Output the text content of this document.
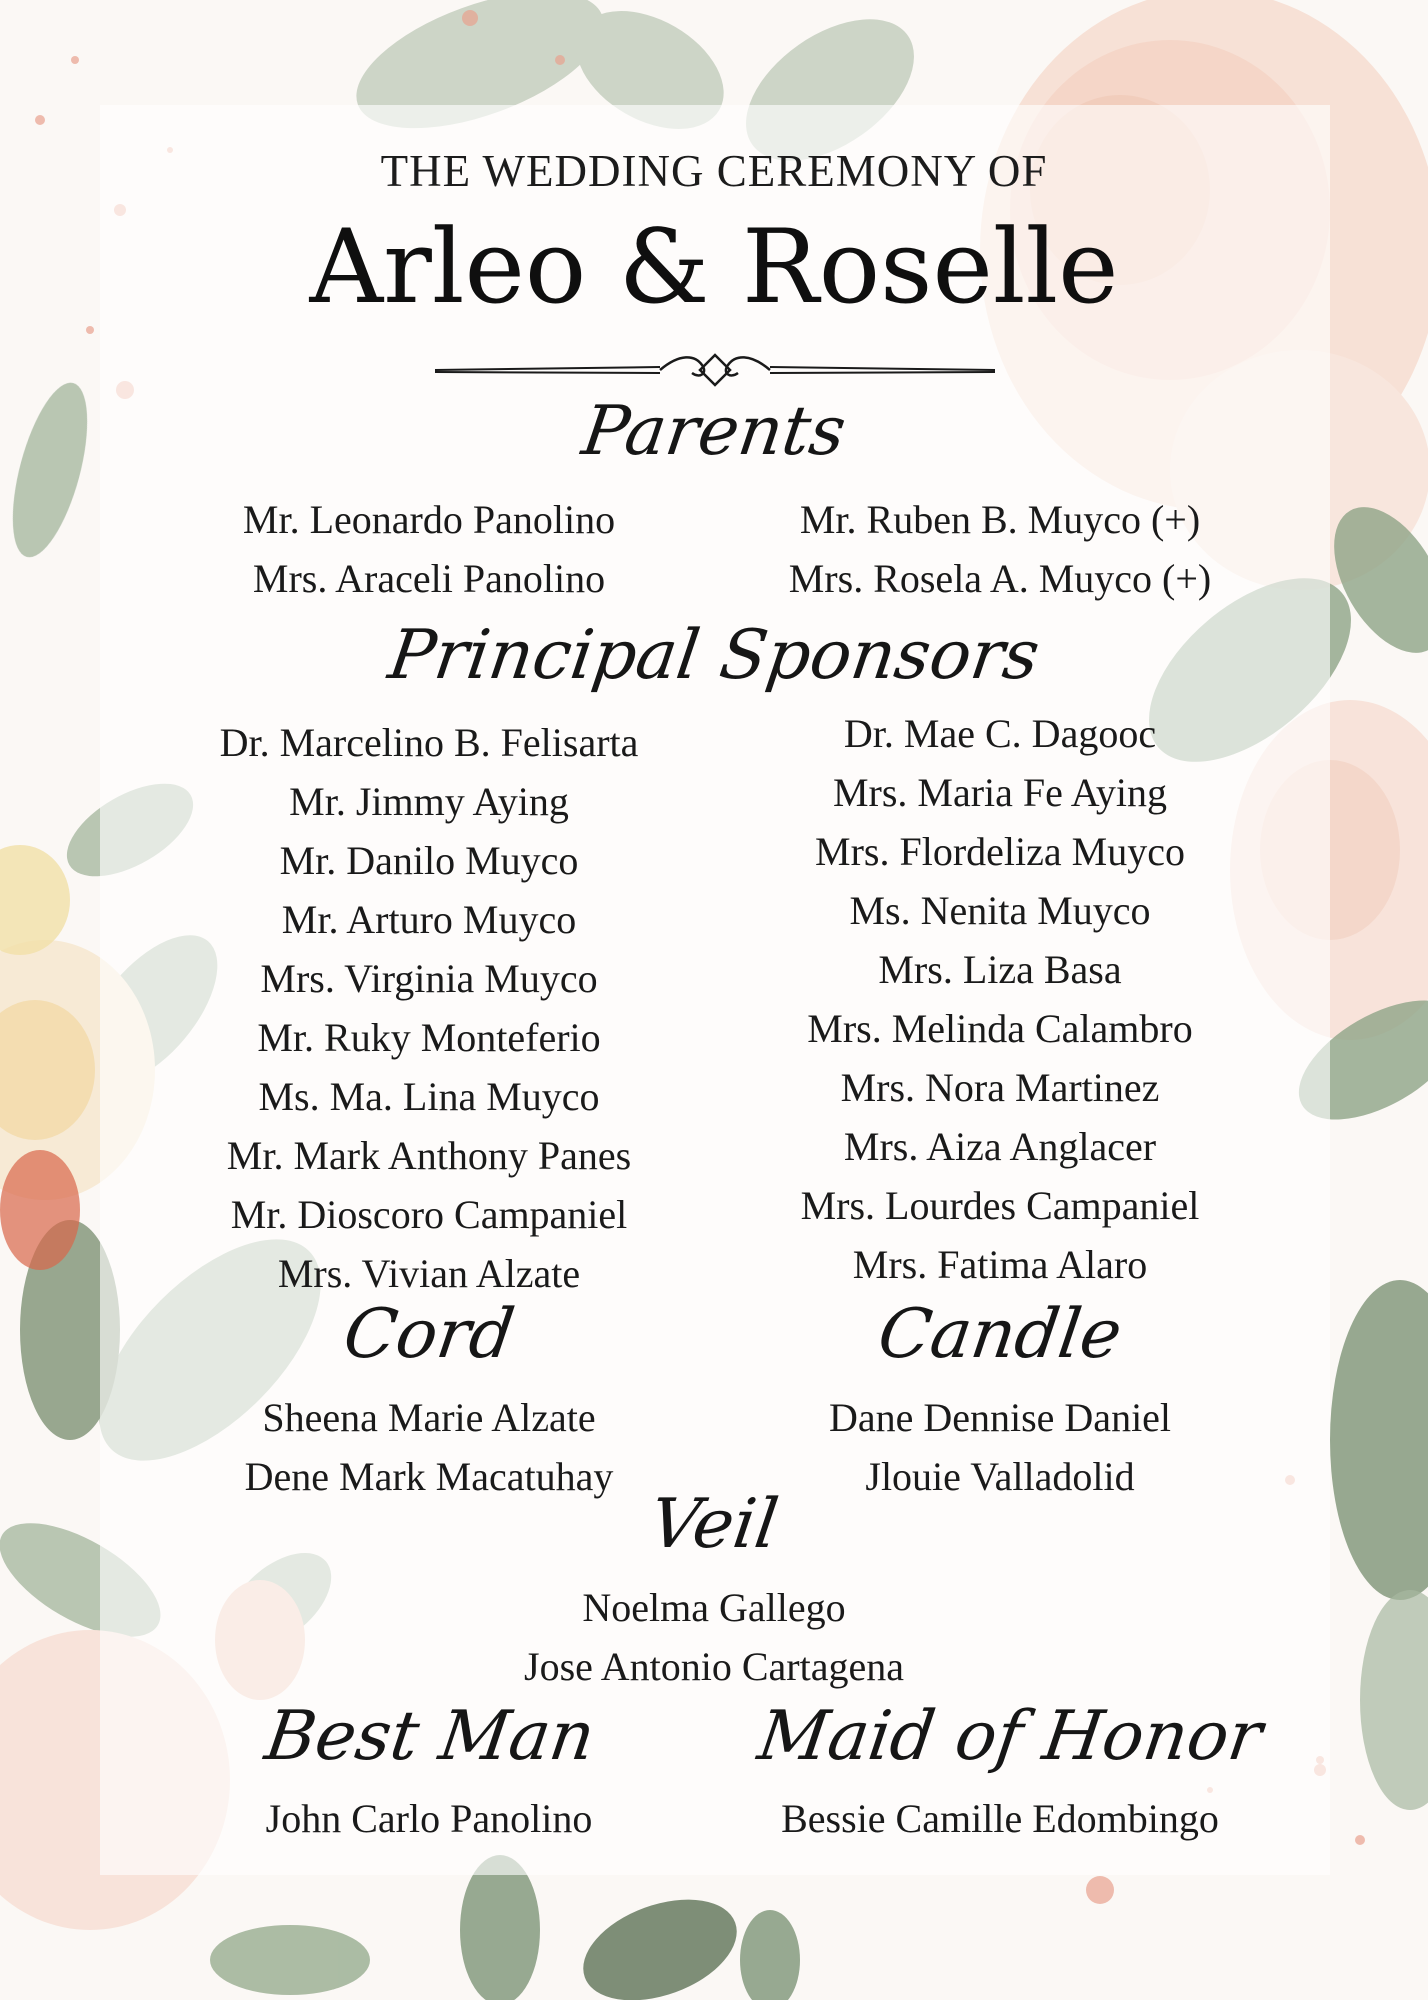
THE WEDDING CEREMONY OF
Arleo & Roselle
Parents
Mr. Leonardo Panolino
Mrs. Araceli Panolino
Mr. Ruben B. Muyco (+)
Mrs. Rosela A. Muyco (+)
Principal Sponsors
Dr. Marcelino B. Felisarta
Mr. Jimmy Aying
Mr. Danilo Muyco
Mr. Arturo Muyco
Mrs. Virginia Muyco
Mr. Ruky Monteferio
Ms. Ma. Lina Muyco
Mr. Mark Anthony Panes
Mr. Dioscoro Campaniel
Mrs. Vivian Alzate
Dr. Mae C. Dagooc
Mrs. Maria Fe Aying
Mrs. Flordeliza Muyco
Ms. Nenita Muyco
Mrs. Liza Basa
Mrs. Melinda Calambro
Mrs. Nora Martinez
Mrs. Aiza Anglacer
Mrs. Lourdes Campaniel
Mrs. Fatima Alaro
Cord
Sheena Marie Alzate
Dene Mark Macatuhay
Candle
Dane Dennise Daniel
Jlouie Valladolid
Veil
Noelma Gallego
Jose Antonio Cartagena
Best Man
John Carlo Panolino
Maid of Honor
Bessie Camille Edombingo
